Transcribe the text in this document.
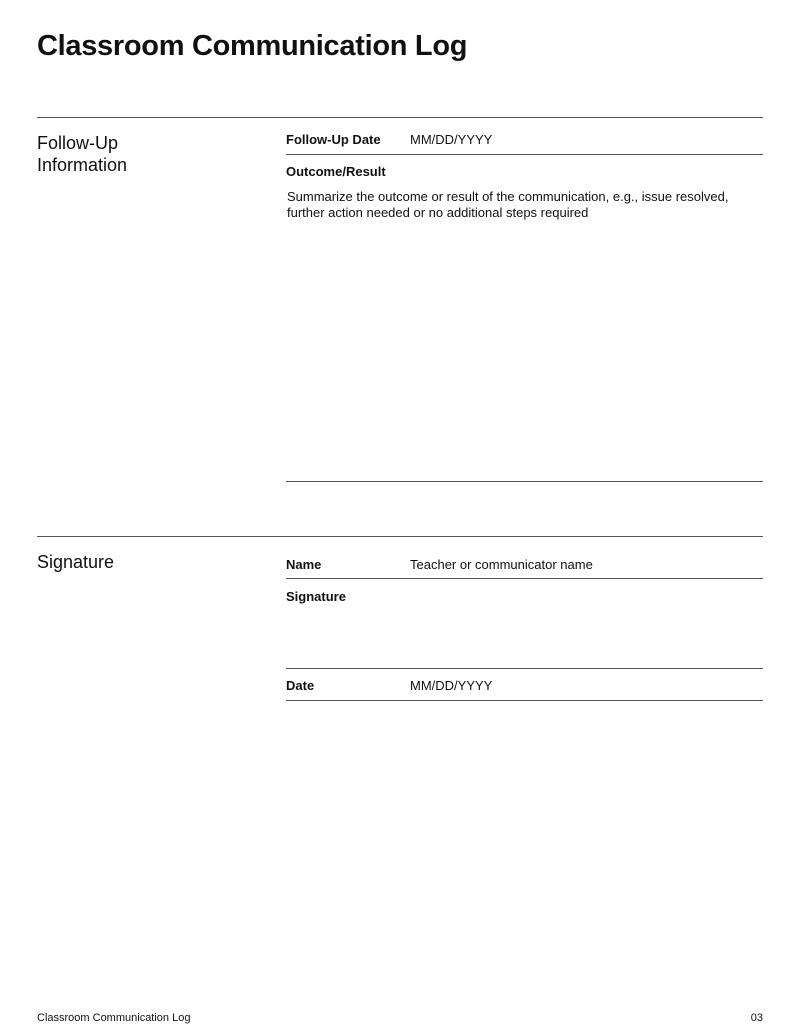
Classroom Communication Log
Follow-Up Information
Follow-Up Date MM/DD/YYYY
Outcome/Result
Summarize the outcome or result of the communication, e.g., issue resolved, further action needed or no additional steps required
Signature	Name	Teacher or communicator name
Signature
Date	MM/DD/YYYY
Classroom Communication Log	03
